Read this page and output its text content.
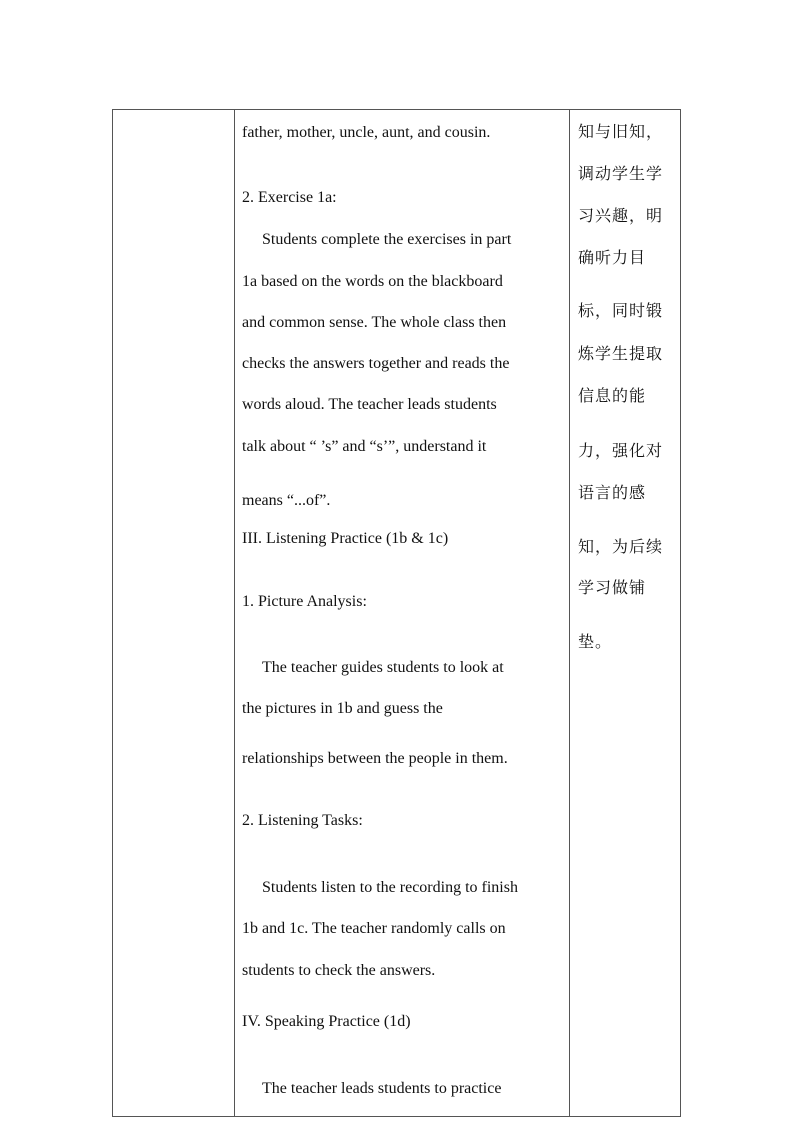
father, mother, uncle, aunt, and cousin.
2. Exercise 1a:
Students complete the exercises in part
1a based on the words on the blackboard
and common sense. The whole class then
checks the answers together and reads the
words aloud. The teacher leads students
talk about “ ’s” and “s’”, understand it
means “...of”.
III. Listening Practice (1b & 1c)
1. Picture Analysis:
The teacher guides students to look at
the pictures in 1b and guess the
relationships between the people in them.
2. Listening Tasks:
Students listen to the recording to finish
1b and 1c. The teacher randomly calls on
students to check the answers.
IV. Speaking Practice (1d)
The teacher leads students to practice
知与旧知，
调动学生学
习兴趣，明
确听力目
标，同时锻
炼学生提取
信息的能
力，强化对
语言的感
知，为后续
学习做铺
垫。
